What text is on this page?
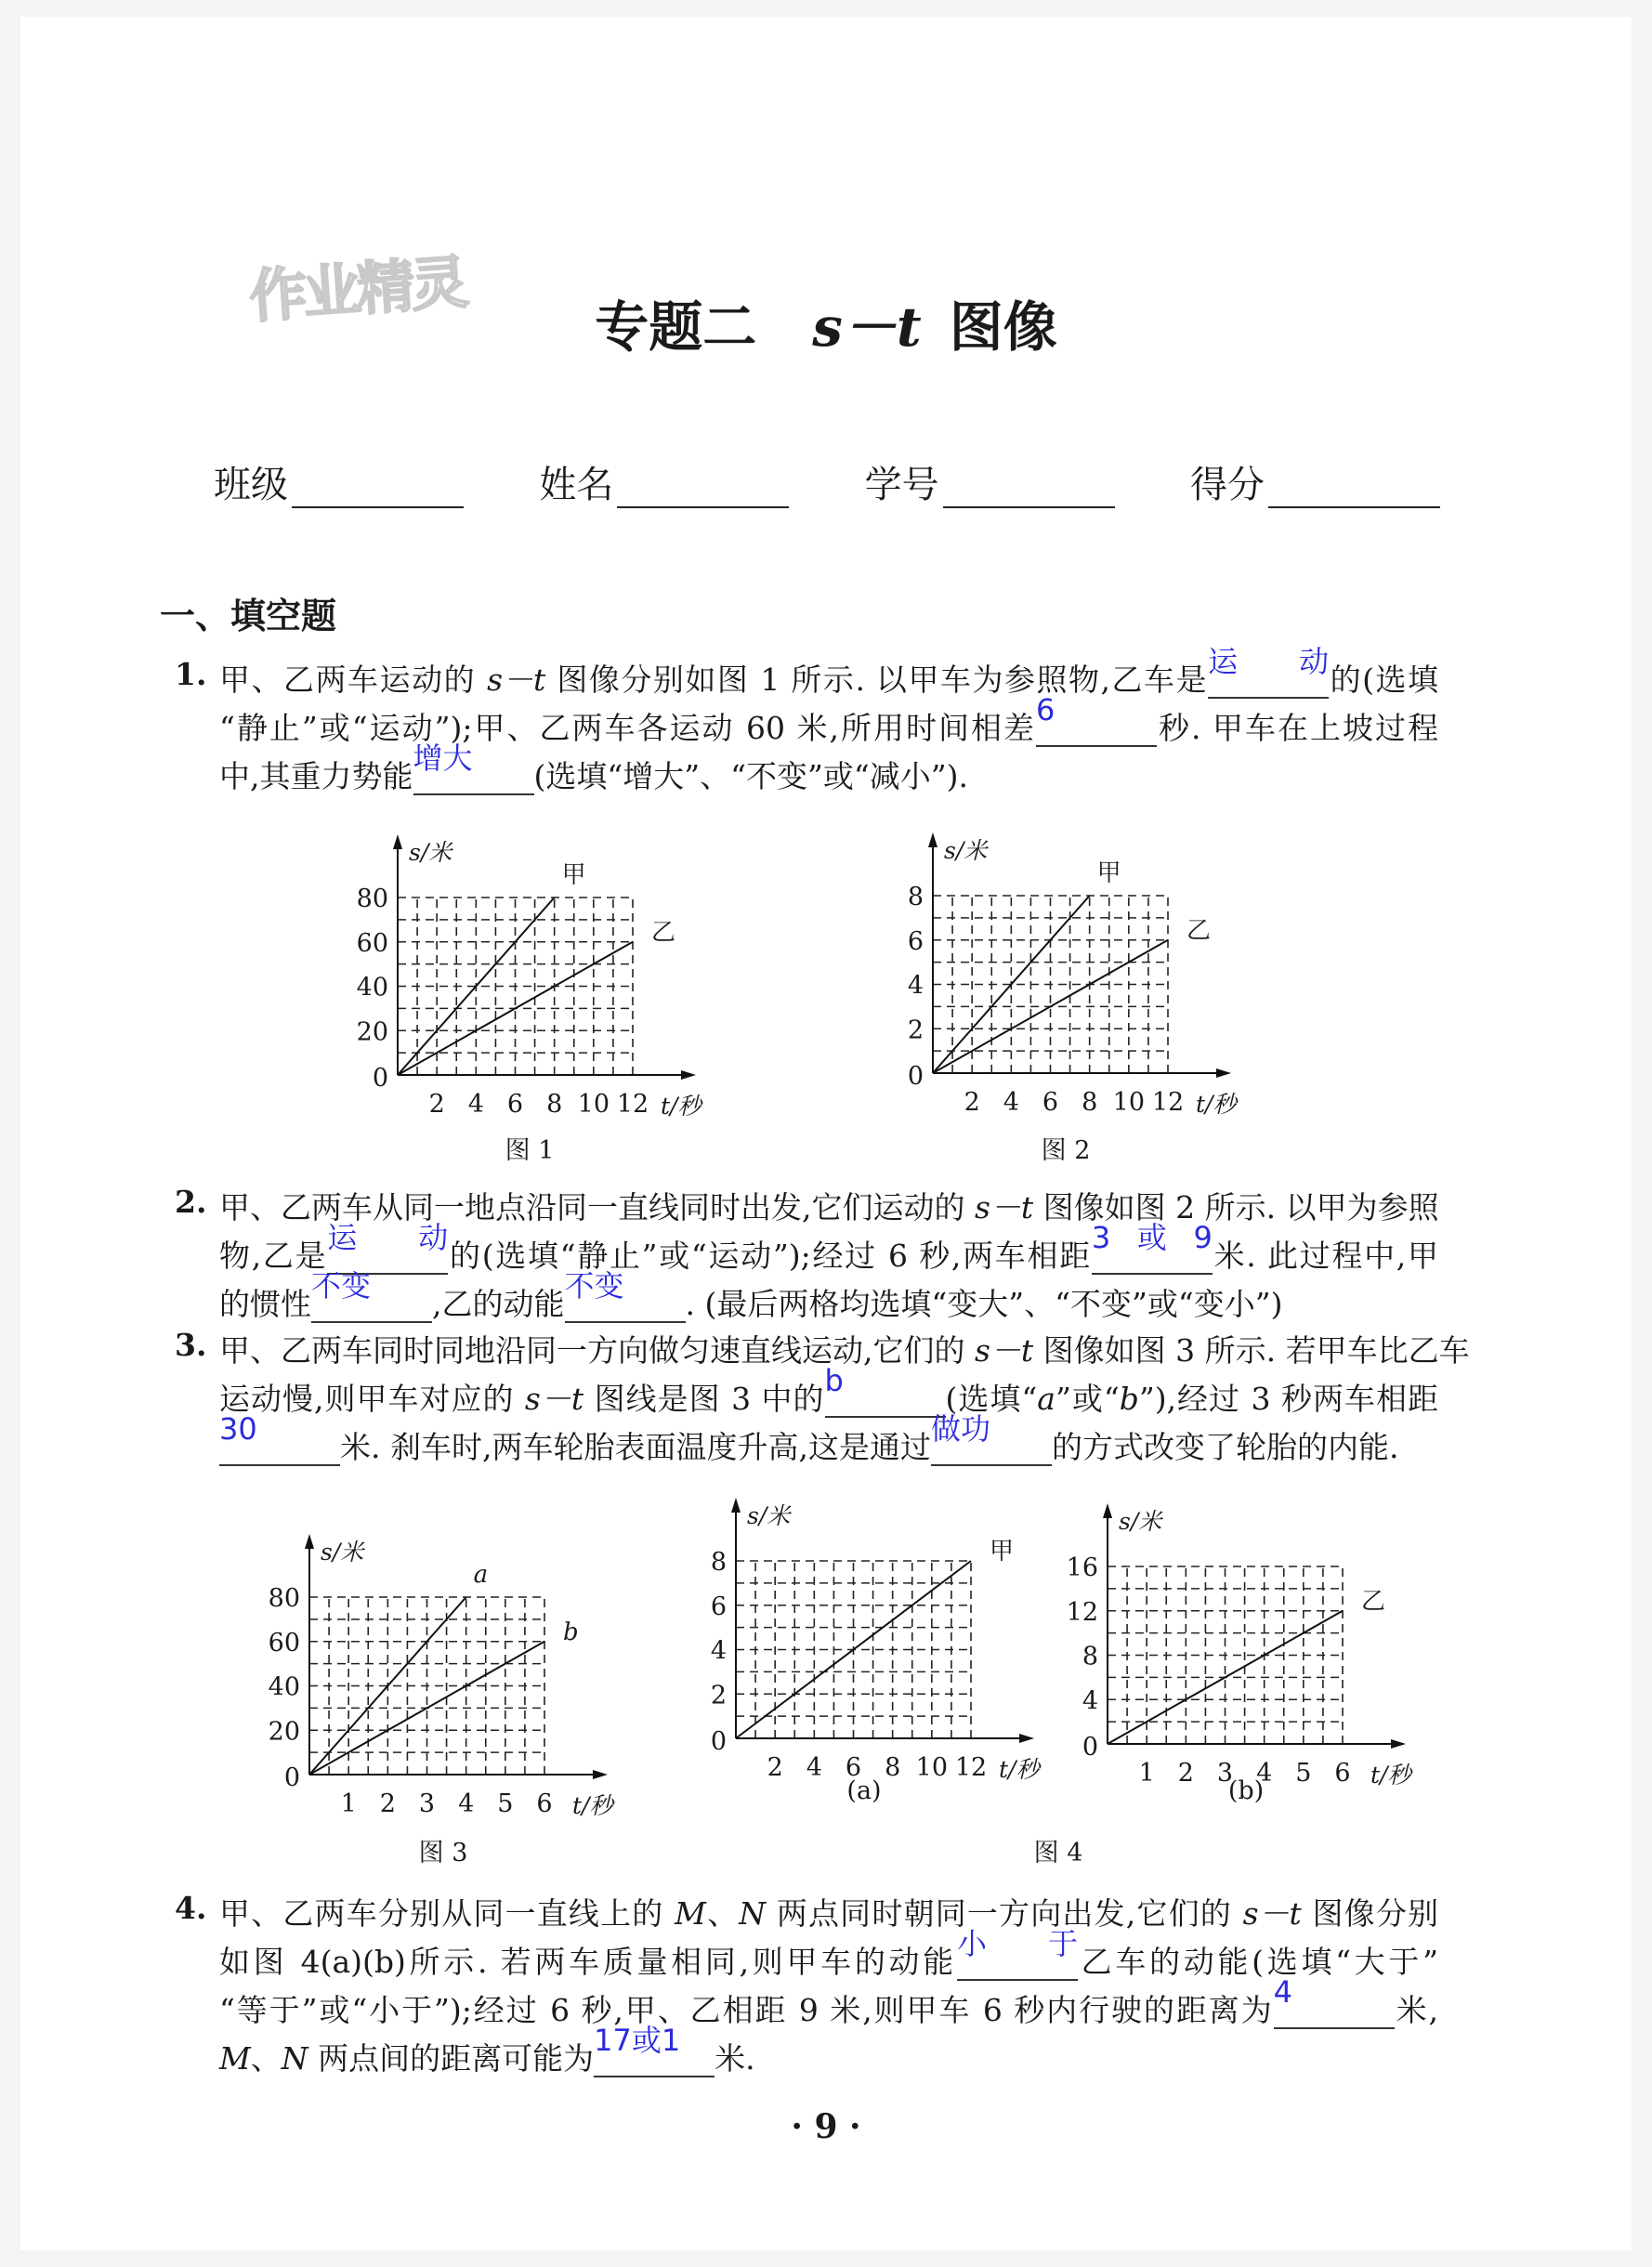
作业精灵	专题二 s－t 图像
班级	姓名	学号	得分
一、填空题
1. 甲、乙两车运动的 s－t 图像分别如图 1 所示. 以甲车为参照物,乙车是运动的(选填
“静止”或“运动”);甲、乙两车各运动 60 米,所用时间相差6	秒. 甲车在上坡过程
中,其重力势能增大 (选填“增大”、“不变”或“减小”).
2. 甲、乙两车从同一地点沿同一直线同时出发,它们运动的 s－t 图像如图 2 所示. 以甲为参照
物,乙是运动的(选填“静止”或“运动”);经过 6 秒,两车相距3或9米. 此过程中,甲
的惯性不变 ,乙的动能不变 . (最后两格均选填“变大”、“不变”或“变小”)
3. 甲、乙两车同时同地沿同一方向做匀速直线运动,它们的 s－t 图像如图 3 所示. 若甲车比乙车
运动慢,则甲车对应的 s－t 图线是图 3 中的b	(选填“a”或“b”),经过 3 秒两车相距
30	米. 刹车时,两车轮胎表面温度升高,这是通过做功 的方式改变了轮胎的内能.
4. 甲、乙两车分别从同一直线上的 M、N 两点同时朝同一方向出发,它们的 s－t 图像分别
如图 4(a)(b)所示. 若两车质量相同,则甲车的动能小于乙车的动能(选填“大于”
“等于”或“小于”);经过 6 秒,甲、乙相距 9 米,则甲车 6 秒内行驶的距离为4	米,
M、N 两点间的距离可能为17或1 米.
s/米
t/秒
2 4 6 8 10 12
0
20
40
60
80
甲
乙
s/米
t/秒
2 4 6 8 10 12
0
2
4
6
8
甲
乙
s/米
t/秒
1 2 3 4 5 6
0
20
40
60
80
a
b
s/米
t/秒
2 4 6 8 10 12
0
2
4
6
8	甲
s/米
t/秒
1 2 3 4 5 6
0
4
8
12
16
乙
图 1	图 2
图 3
(a)	(b)
图 4
· 9 ·
